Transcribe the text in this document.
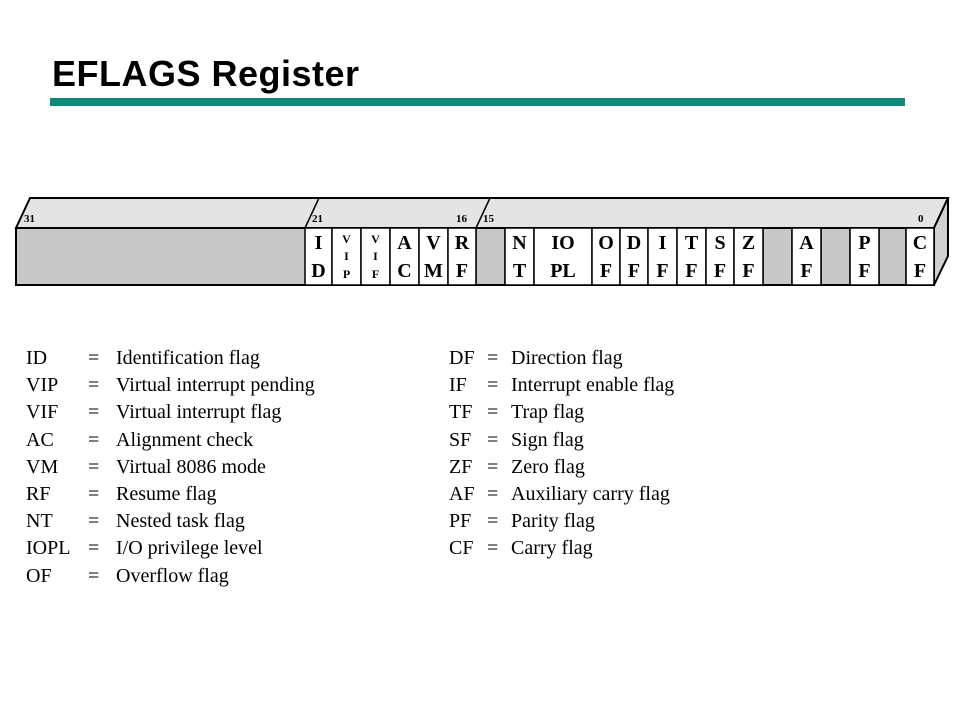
EFLAGS Register
31	21	16 15	0
I
D
V
I
P
V
I
F
A
C
V
M
R
F
N
T
IO
PL
O
F
D
F
I
F
T
F
S
F
Z
F
A
F
P
F
C
F
ID = Identification flag
VIP = Virtual interrupt pending
VIF = Virtual interrupt flag
AC = Alignment check
VM = Virtual 8086 mode
RF = Resume flag
NT = Nested task flag
IOPL = I/O privilege level
OF = Overflow flag
DF = Direction flag
IF = Interrupt enable flag
TF = Trap flag
SF = Sign flag
ZF = Zero flag
AF = Auxiliary carry flag
PF = Parity flag
CF = Carry flag
